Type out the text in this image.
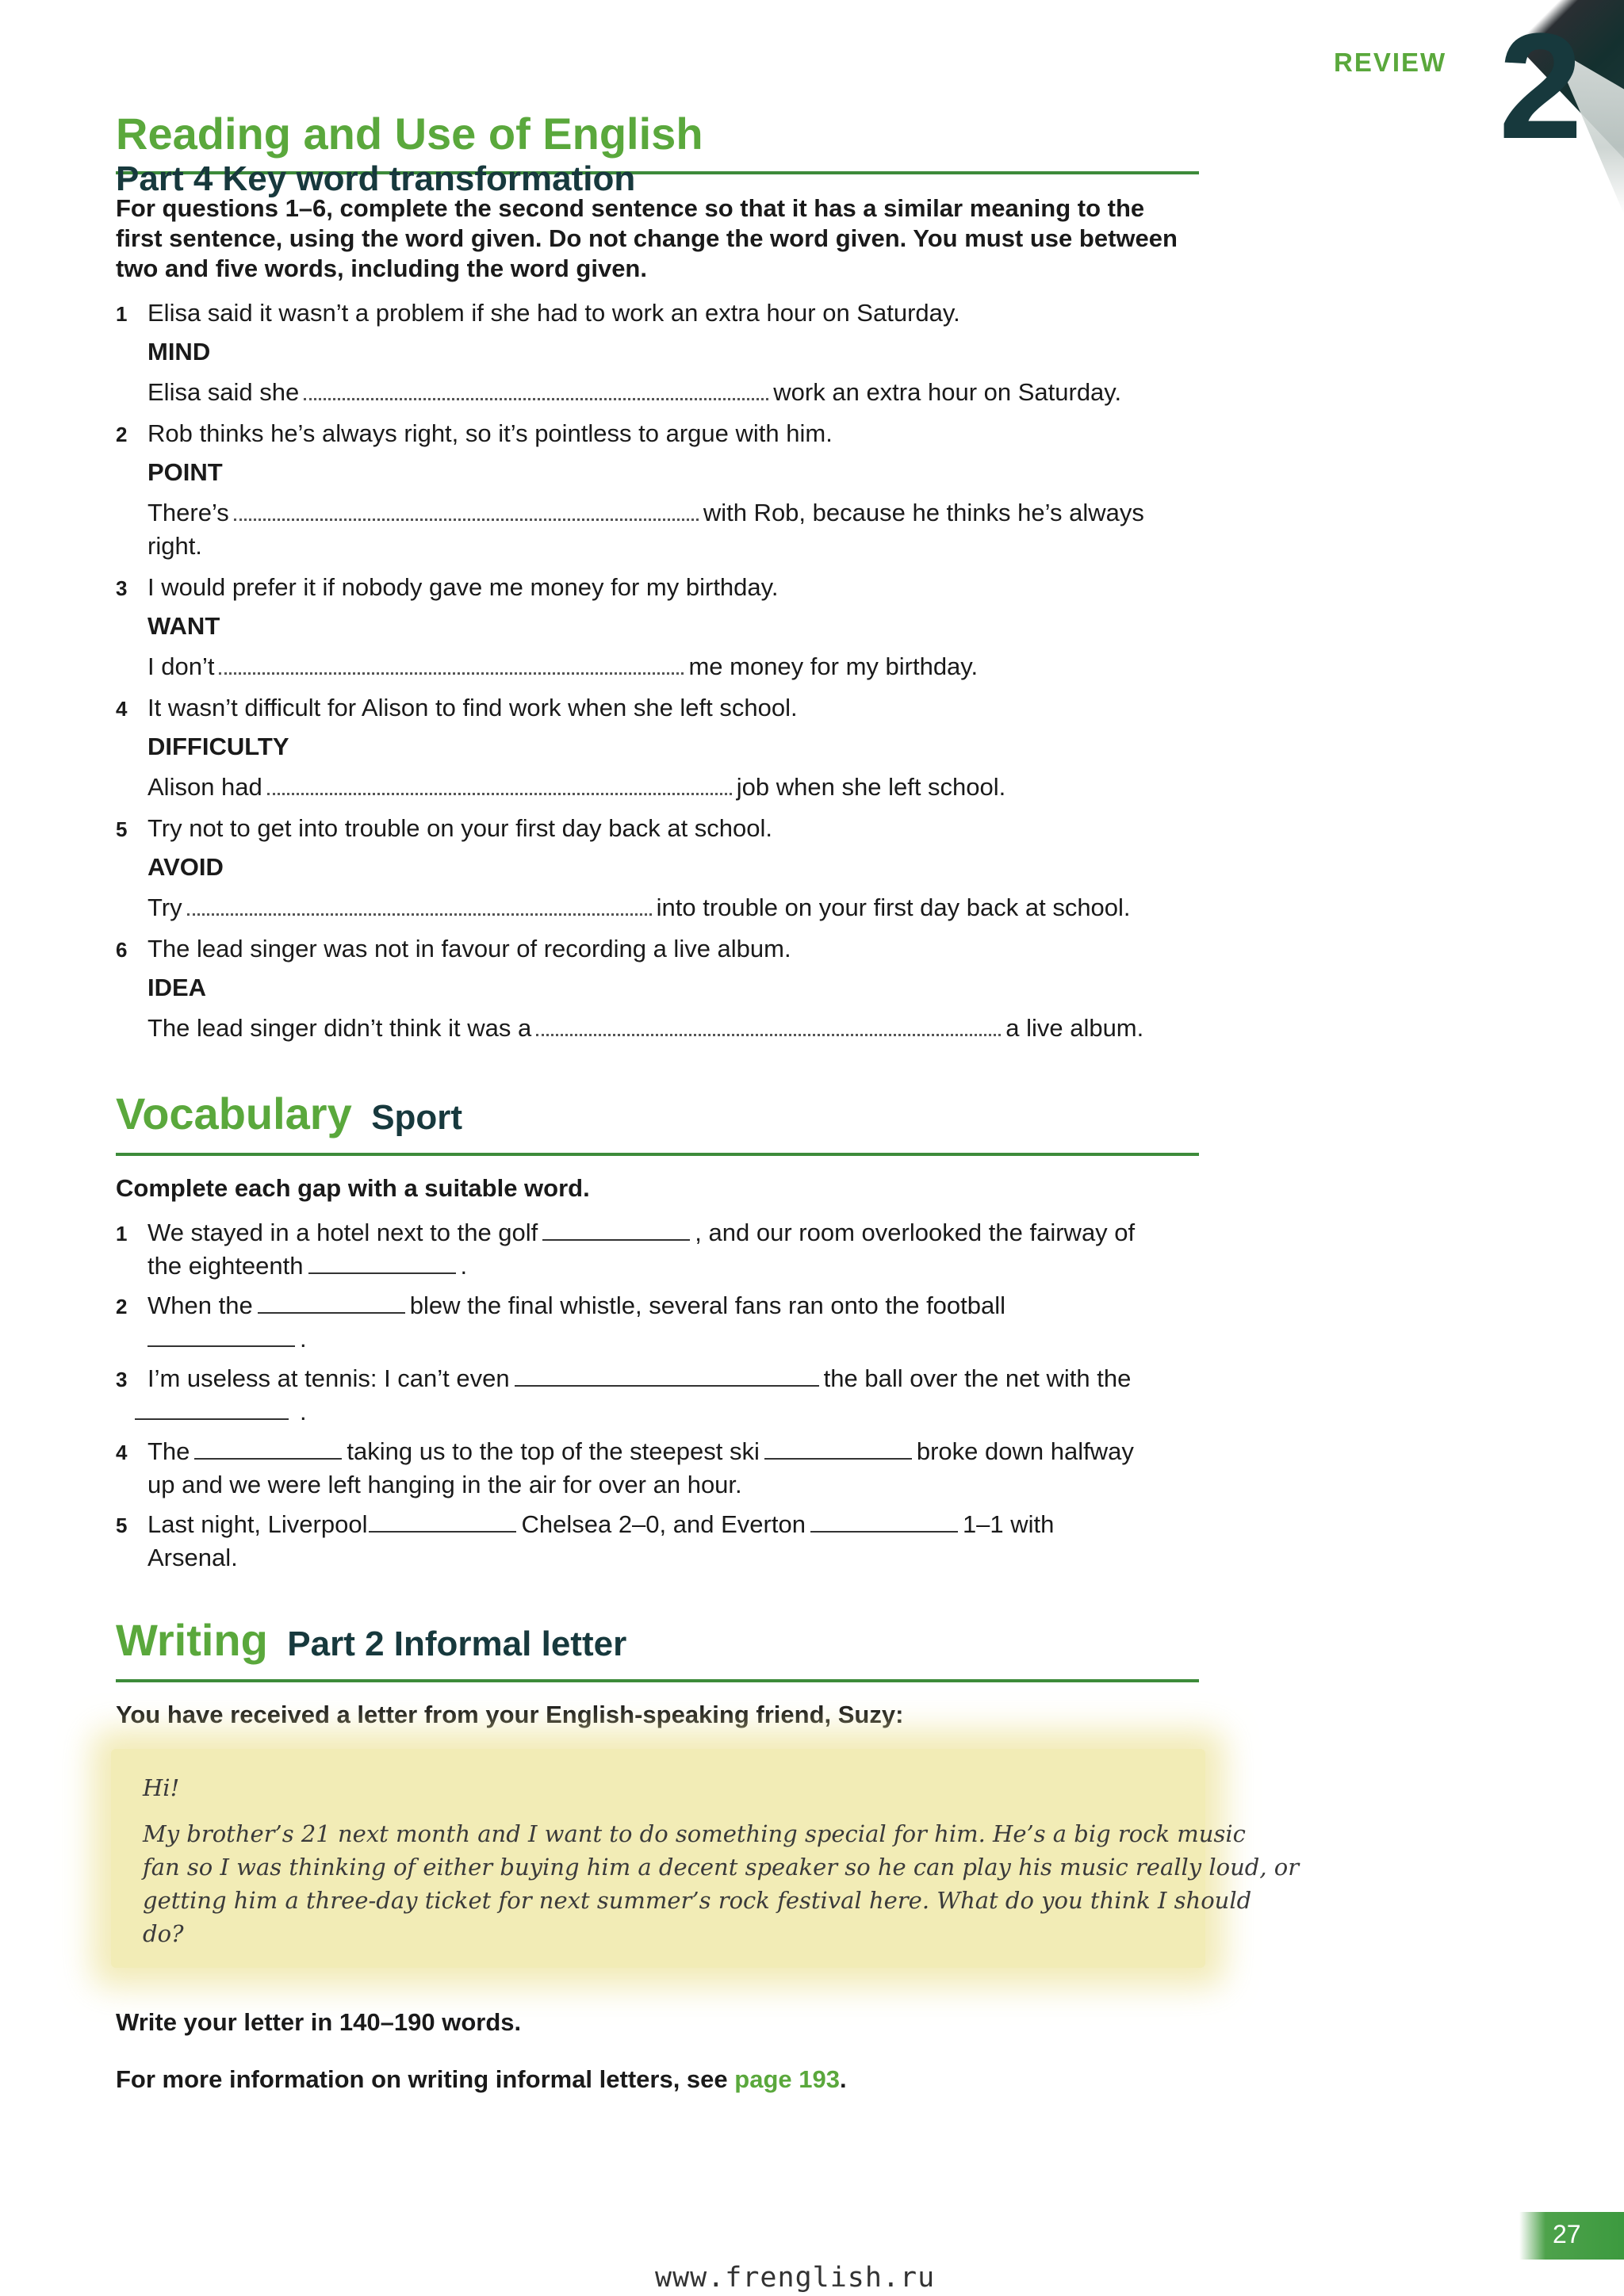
REVIEW 2
Reading and Use of English Part 4 Key word transformation
For questions 1–6, complete the second sentence so that it has a similar meaning to the
first sentence, using the word given. Do not change the word given. You must use between
two and five words, including the word given.
1 Elisa said it wasn’t a problem if she had to work an extra hour on Saturday.
MIND
Elisa said she	work an extra hour on Saturday.
2 Rob thinks he’s always right, so it’s pointless to argue with him.
POINT
There’s	with Rob, because he thinks he’s always
right.
3 I would prefer it if nobody gave me money for my birthday.
WANT
I don’t	me money for my birthday.
4 It wasn’t difficult for Alison to find work when she left school.
DIFFICULTY
Alison had	job when she left school.
5 Try not to get into trouble on your first day back at school.
AVOID
Try	into trouble on your first day back at school.
6 The lead singer was not in favour of recording a live album.
IDEA
The lead singer didn’t think it was a	a live album.
Vocabulary Sport
Complete each gap with a suitable word.
1 We stayed in a hotel next to the golf	, and our room overlooked the fairway of
the eighteenth	.
2 When the	blew the final whistle, several fans ran onto the football
.
3 I’m useless at tennis: I can’t even	the ball over the net with the
.
4 The	taking us to the top of the steepest ski	broke down halfway
up and we were left hanging in the air for over an hour.
5 Last night, Liverpool	Chelsea 2–0, and Everton	1–1 with
Arsenal.
Writing Part 2 Informal letter
You have received a letter from your English-speaking friend, Suzy:
Hi!
My brother’s 21 next month and I want to do something special for him. He’s a big rock music
fan so I was thinking of either buying him a decent speaker so he can play his music really loud, or
getting him a three-day ticket for next summer’s rock festival here. What do you think I should
do?
Write your letter in 140–190 words.
For more information on writing informal letters, see page 193.
27
www.frenglish.ru
